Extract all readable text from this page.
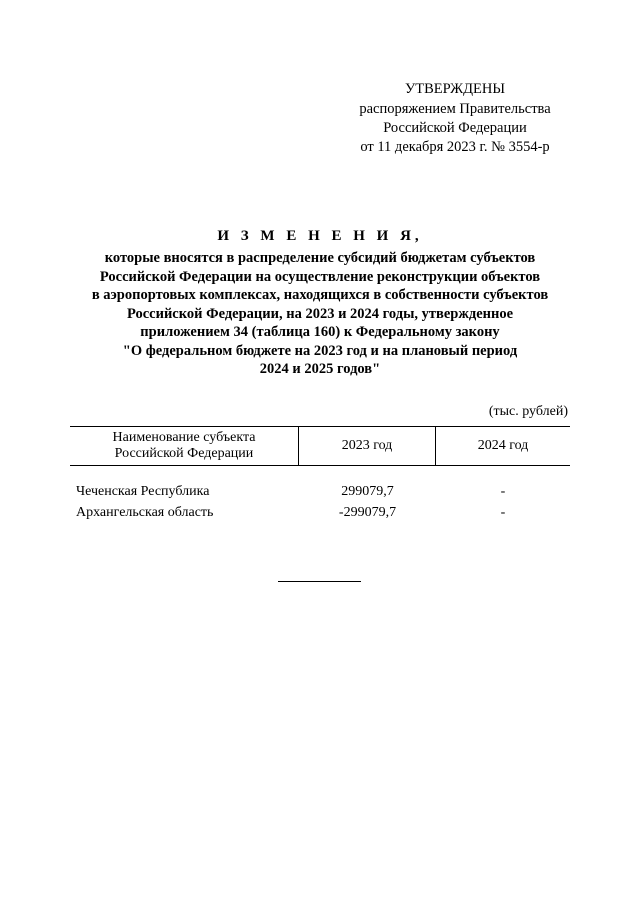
УТВЕРЖДЕНЫ
распоряжением Правительства
Российской Федерации
от 11 декабря 2023 г. № 3554-р
И З М Е Н Е Н И Я,
которые вносятся в распределение субсидий бюджетам субъектов
Российской Федерации на осуществление реконструкции объектов
в аэропортовых комплексах, находящихся в собственности субъектов
Российской Федерации, на 2023 и 2024 годы, утвержденное
приложением 34 (таблица 160) к Федеральному закону
"О федеральном бюджете на 2023 год и на плановый период
2024 и 2025 годов"
(тыс. рублей)
Наименование субъекта
Российской Федерации
2023 год	2024 год
Чеченская Республика	299079,7	-
Архангельская область	-299079,7	-
